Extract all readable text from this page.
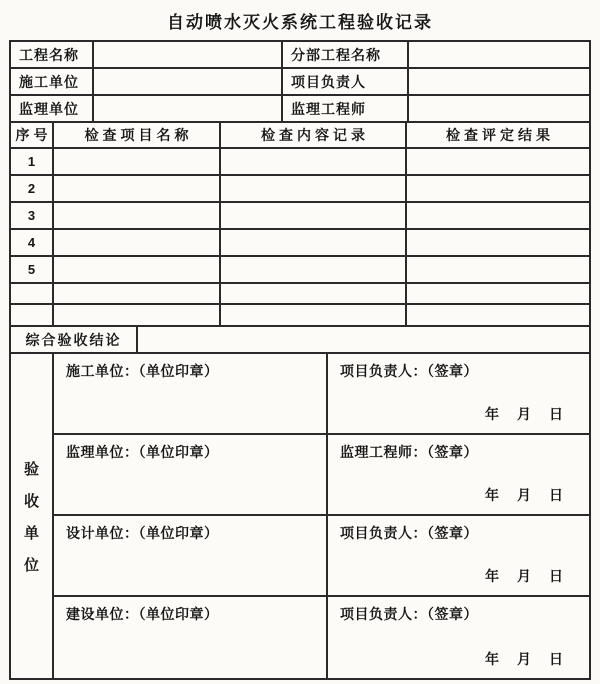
自动喷水灭火系统工程验收记录
工程名称	分部工程名称
施工单位	项目负责人
监理单位	监理工程师
序号	检查项目名称	检查内容记录	检查评定结果
1
2
3
4
5
综合验收结论
验
收
单
位
施工单位：（单位印章）	项目负责人：（签章）
年　月　日
监理单位：（单位印章）	监理工程师：（签章）
年　月　日
设计单位：（单位印章）	项目负责人：（签章）
年　月　日
建设单位：（单位印章）	项目负责人：（签章）
年　月　日
